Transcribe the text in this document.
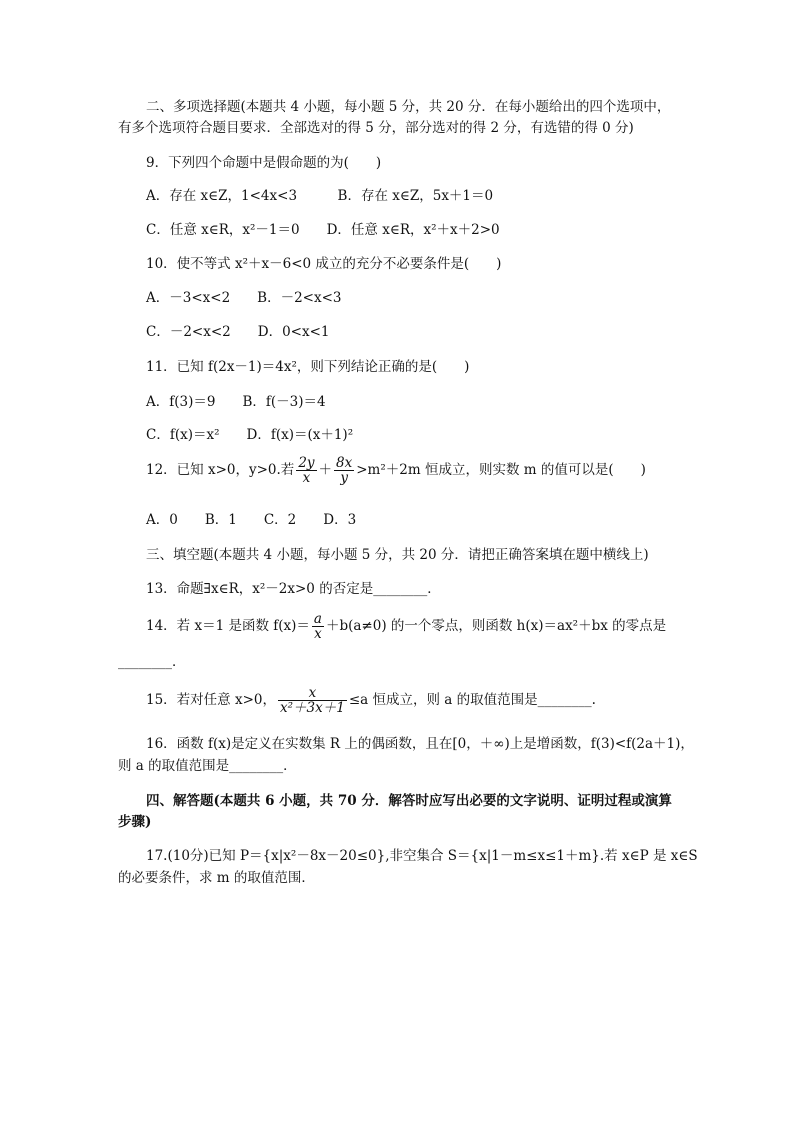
二、多项选择题(本题共 4 小题，每小题 5 分，共 20 分．在每小题给出的四个选项中，
有多个选项符合题目要求．全部选对的得 5 分，部分选对的得 2 分，有选错的得 0 分)
9．下列四个命题中是假命题的为(　　)
A．存在 x∈Z，1<4x<3　　　B．存在 x∈Z，5x＋1＝0
C．任意 x∈R，x²－1＝0　　D．任意 x∈R，x²＋x＋2>0
10．使不等式 x²＋x－6<0 成立的充分不必要条件是(　　)
A．－3<x<2　　B．－2<x<3
C．－2<x<2　　D．0<x<1
11．已知 f(2x－1)＝4x²，则下列结论正确的是(　　)
A．f(3)＝9　　B．f(－3)＝4
C．f(x)＝x²　　D．f(x)＝(x＋1)²
12．已知 x>0，y>0.若 $\frac{2y}{x} + \frac{8x}{y} >m^2+2m$ 恒成立，则实数 m 的值可以是(　　)
A．0　　B．1　　C．2　　D．3
三、填空题(本题共 4 小题，每小题 5 分，共 20 分．请把正确答案填在题中横线上)
13．命题∃x∈R，x²－2x>0 的否定是________．
14．若 x＝1 是函数 $f(x)= \frac{a}{x} +b(a\ne 0)$ 的一个零点，则函数 h(x)＝ax²＋bx 的零点是
________．
15．若对任意 x>0， $\frac{x}{\text{x²＋3x＋1}} \le a$ 恒成立，则 a 的取值范围是________.
16．函数 f(x)是定义在实数集 R 上的偶函数，且在[0，＋∞)上是增函数，f(3)<f(2a＋1)，
则 a 的取值范围是________．
四、解答题(本题共 6 小题，共 70 分．解答时应写出必要的文字说明、证明过程或演算
步骤)
17.(10分)已知 P＝{x|x²－8x－20≤0},非空集合 S＝{x|1－m≤x≤1＋m}.若 x∈P 是 x∈S
的必要条件，求 m 的取值范围．
